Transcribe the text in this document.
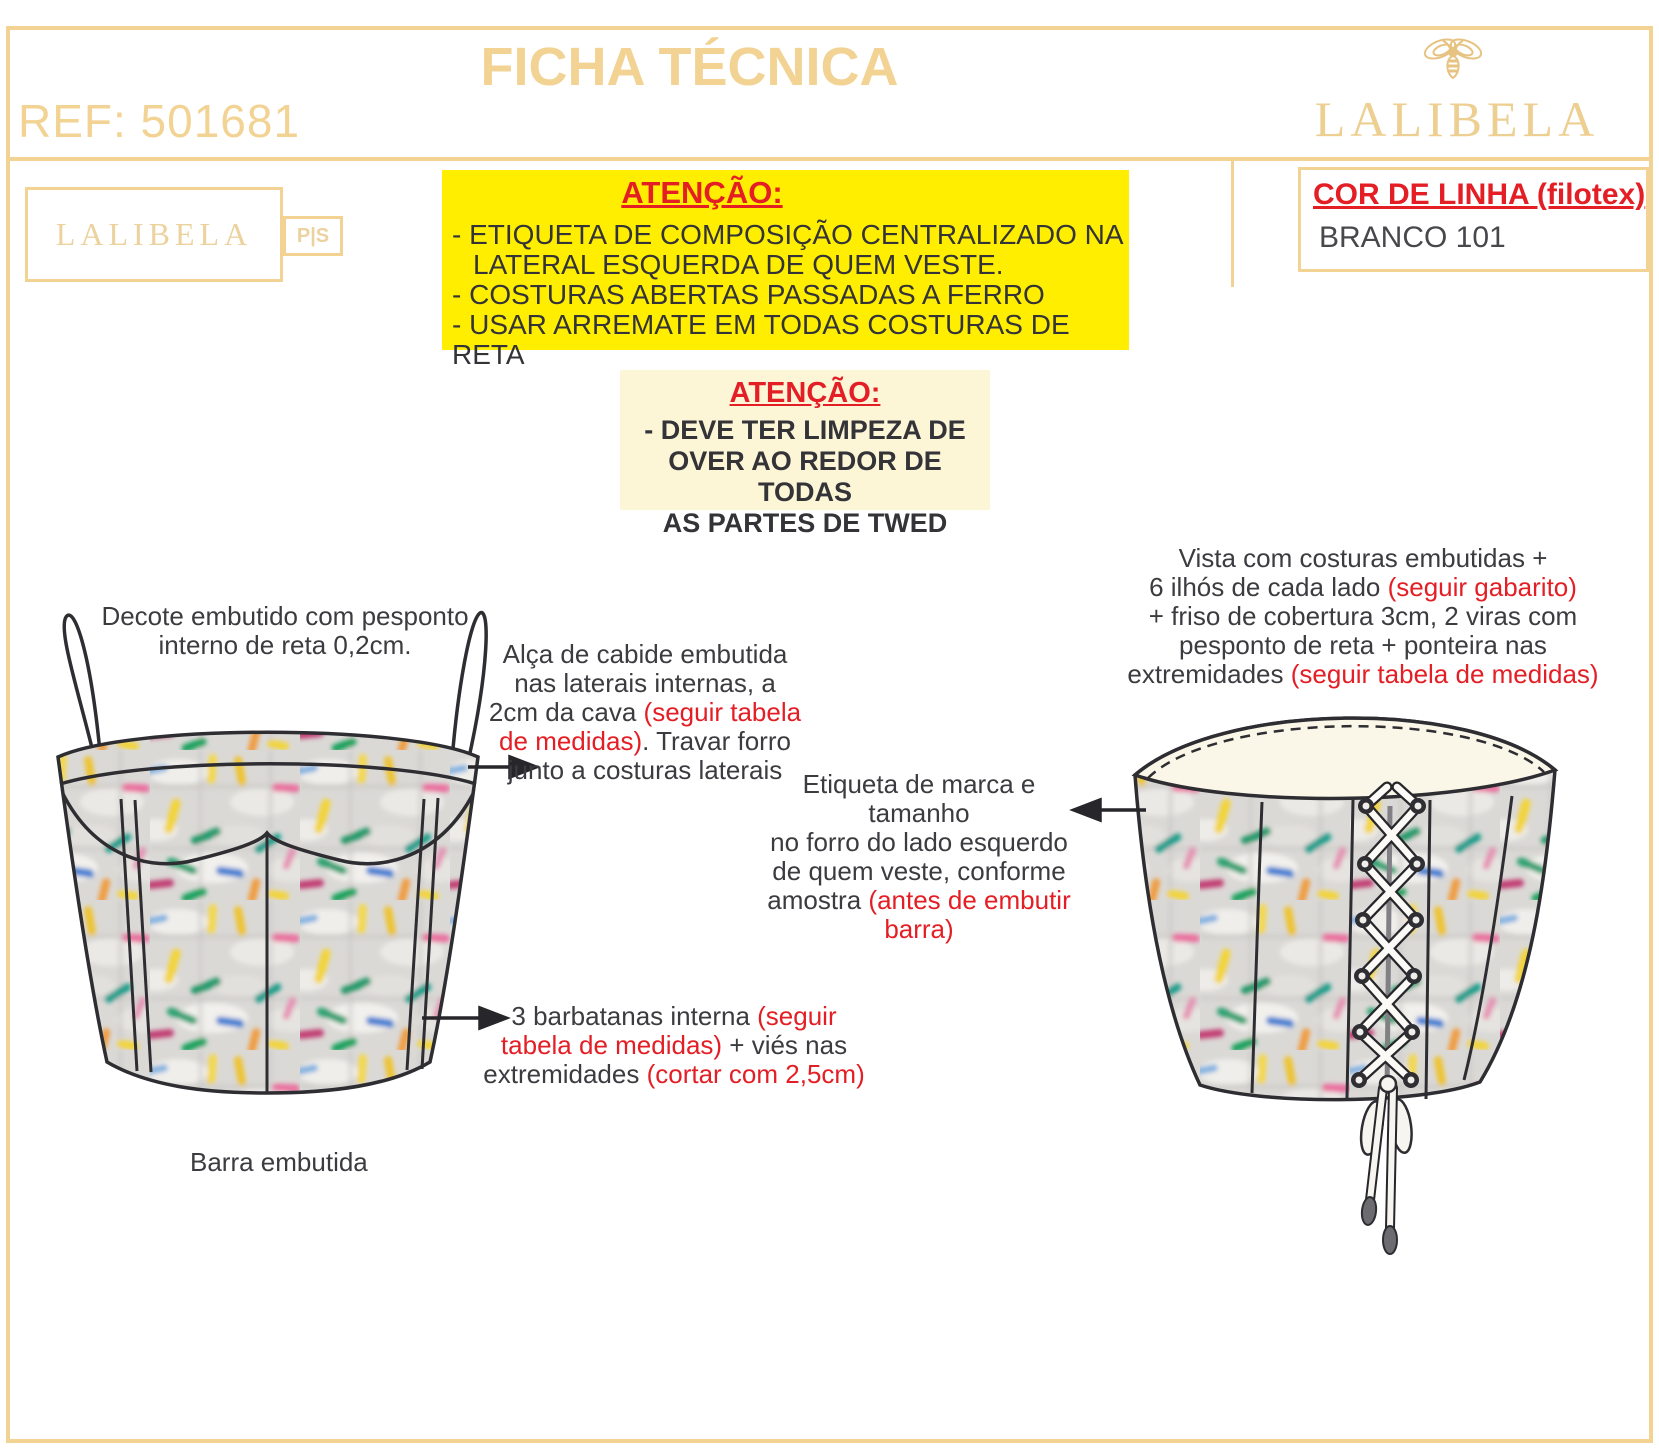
REF: 501681
FICHA TÉCNICA
LALIBELA
LALIBELA P|S
ATENÇÃO:
- ETIQUETA DE COMPOSIÇÃO CENTRALIZADO NA
LATERAL ESQUERDA DE QUEM VESTE.
- COSTURAS ABERTAS PASSADAS A FERRO
- USAR ARREMATE EM TODAS COSTURAS DE RETA
COR DE LINHA (filotex)
BRANCO 101
ATENÇÃO:
- DEVE TER LIMPEZA DE
OVER AO REDOR DE TODAS
AS PARTES DE TWED
Decote embutido com pesponto
interno de reta 0,2cm.	Alça de cabide embutida
nas laterais internas, a
2cm da cava (seguir tabela
de medidas). Travar forro
junto a costuras laterais
3 barbatanas interna (seguir
tabela de medidas) + viés nas
extremidades (cortar com 2,5cm)
Barra embutida
Vista com costuras embutidas +
6 ilhós de cada lado (seguir gabarito)
+ friso de cobertura 3cm, 2 viras com
pesponto de reta + ponteira nas
extremidades (seguir tabela de medidas)
Etiqueta de marca e tamanho
no forro do lado esquerdo
de quem veste, conforme
amostra (antes de embutir barra)
